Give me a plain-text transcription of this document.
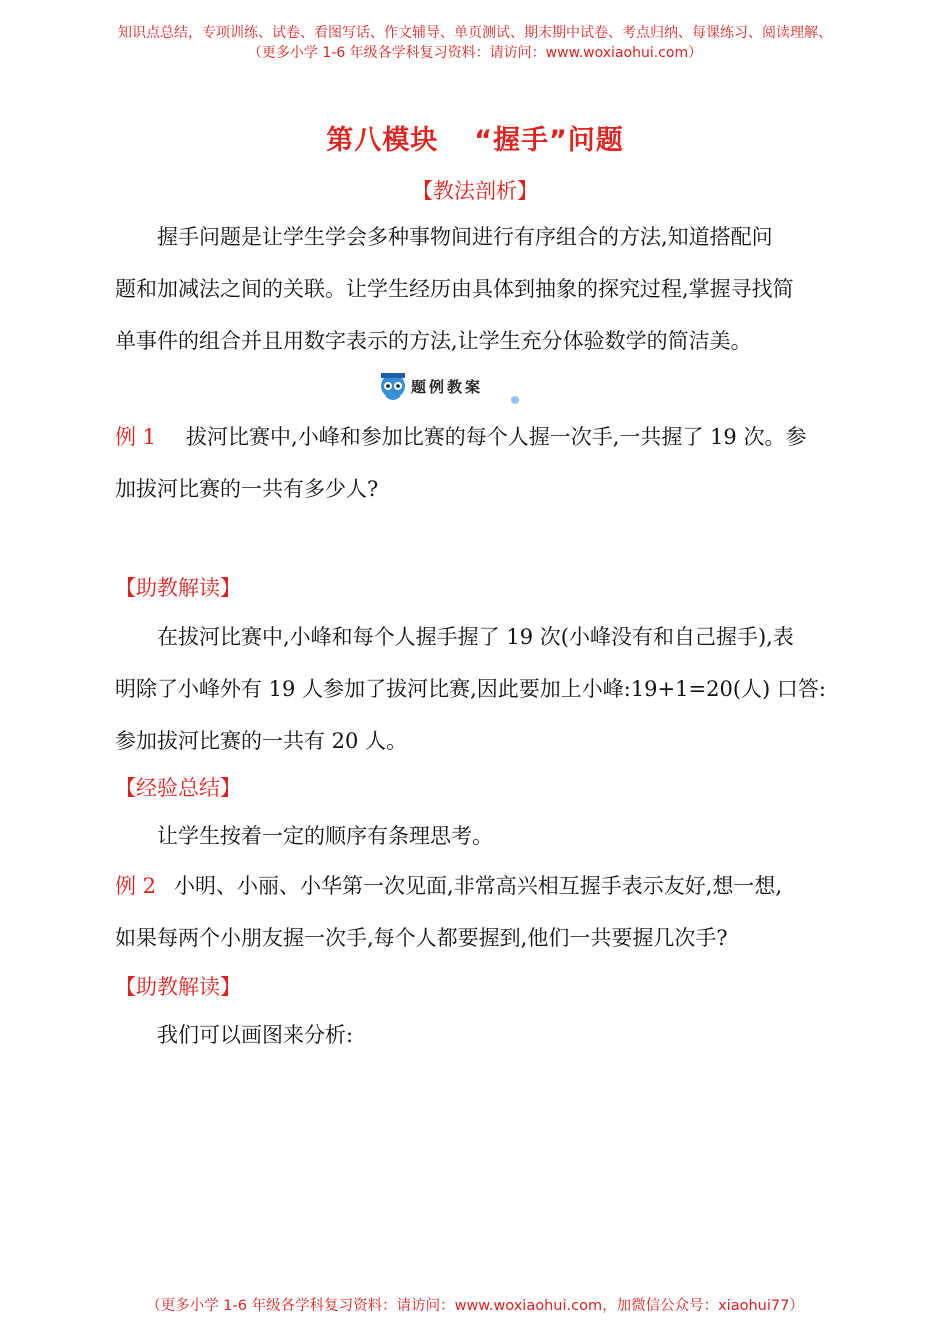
知识点总结，专项训练、试卷、看图写话、作文辅导、单页测试、期末期中试卷、考点归纳、每课练习、阅读理解、
（更多小学 1-6 年级各学科复习资料：请访问：www.woxiaohui.com）
第八模块 “握手”问题
【教法剖析】
握手问题是让学生学会多种事物间进行有序组合的方法,知道搭配问
题和加减法之间的关联。让学生经历由具体到抽象的探究过程,掌握寻找简
单事件的组合并且用数字表示的方法,让学生充分体验数学的简洁美。
题例教案
例 1 拔河比赛中,小峰和参加比赛的每个人握一次手,一共握了 19 次。参
加拔河比赛的一共有多少人?
【助教解读】
在拔河比赛中,小峰和每个人握手握了 19 次(小峰没有和自己握手),表
明除了小峰外有 19 人参加了拔河比赛,因此要加上小峰:19+1=20(人) 口答:
参加拔河比赛的一共有 20 人。
【经验总结】
让学生按着一定的顺序有条理思考。
例 2 小明、小丽、小华第一次见面,非常高兴相互握手表示友好,想一想,
如果每两个小朋友握一次手,每个人都要握到,他们一共要握几次手?
【助教解读】
我们可以画图来分析:
（更多小学 1-6 年级各学科复习资料：请访问：www.woxiaohui.com，加微信公众号：xiaohui77）
